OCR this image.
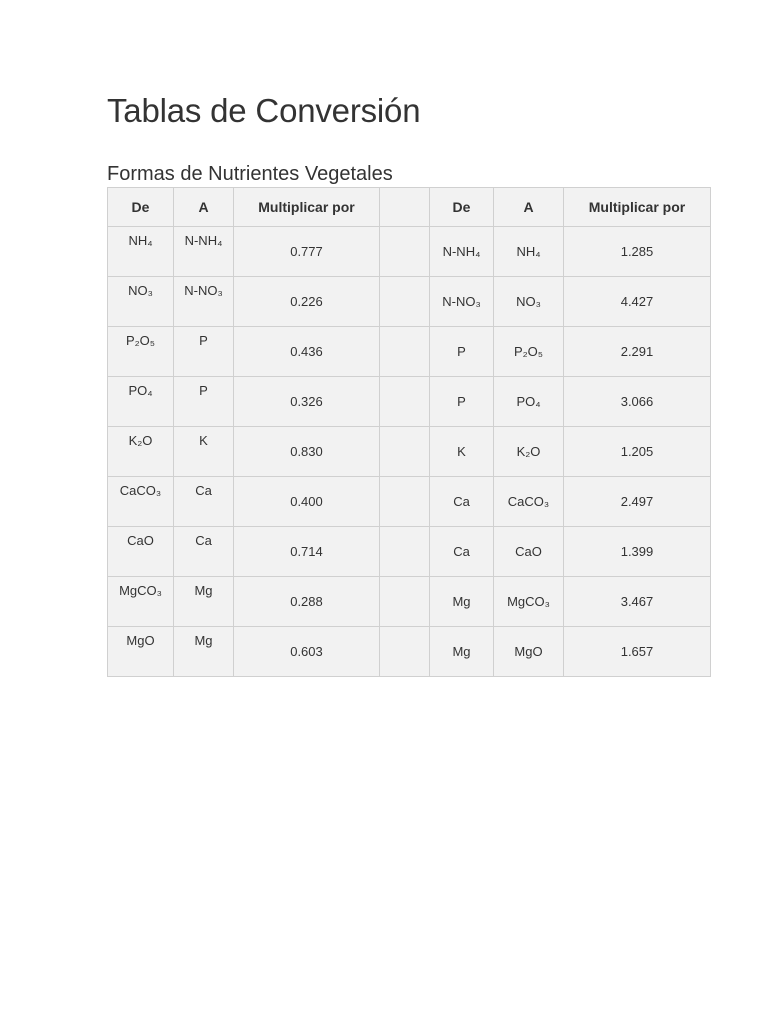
Tablas de Conversión
Formas de Nutrientes Vegetales
De	A	Multiplicar por		De	A	Multiplicar por
NH₄	N-NH₄	0.777		N-NH₄	NH₄	1.285
NO₃	N-NO₃	0.226		N-NO₃	NO₃	4.427
P₂O₅	P	0.436		P	P₂O₅	2.291
PO₄	P	0.326		P	PO₄	3.066
K₂O	K	0.830		K	K₂O	1.205
CaCO₃	Ca	0.400		Ca	CaCO₃	2.497
CaO	Ca	0.714		Ca	CaO	1.399
MgCO₃	Mg	0.288		Mg	MgCO₃	3.467
MgO	Mg	0.603		Mg	MgO	1.657
